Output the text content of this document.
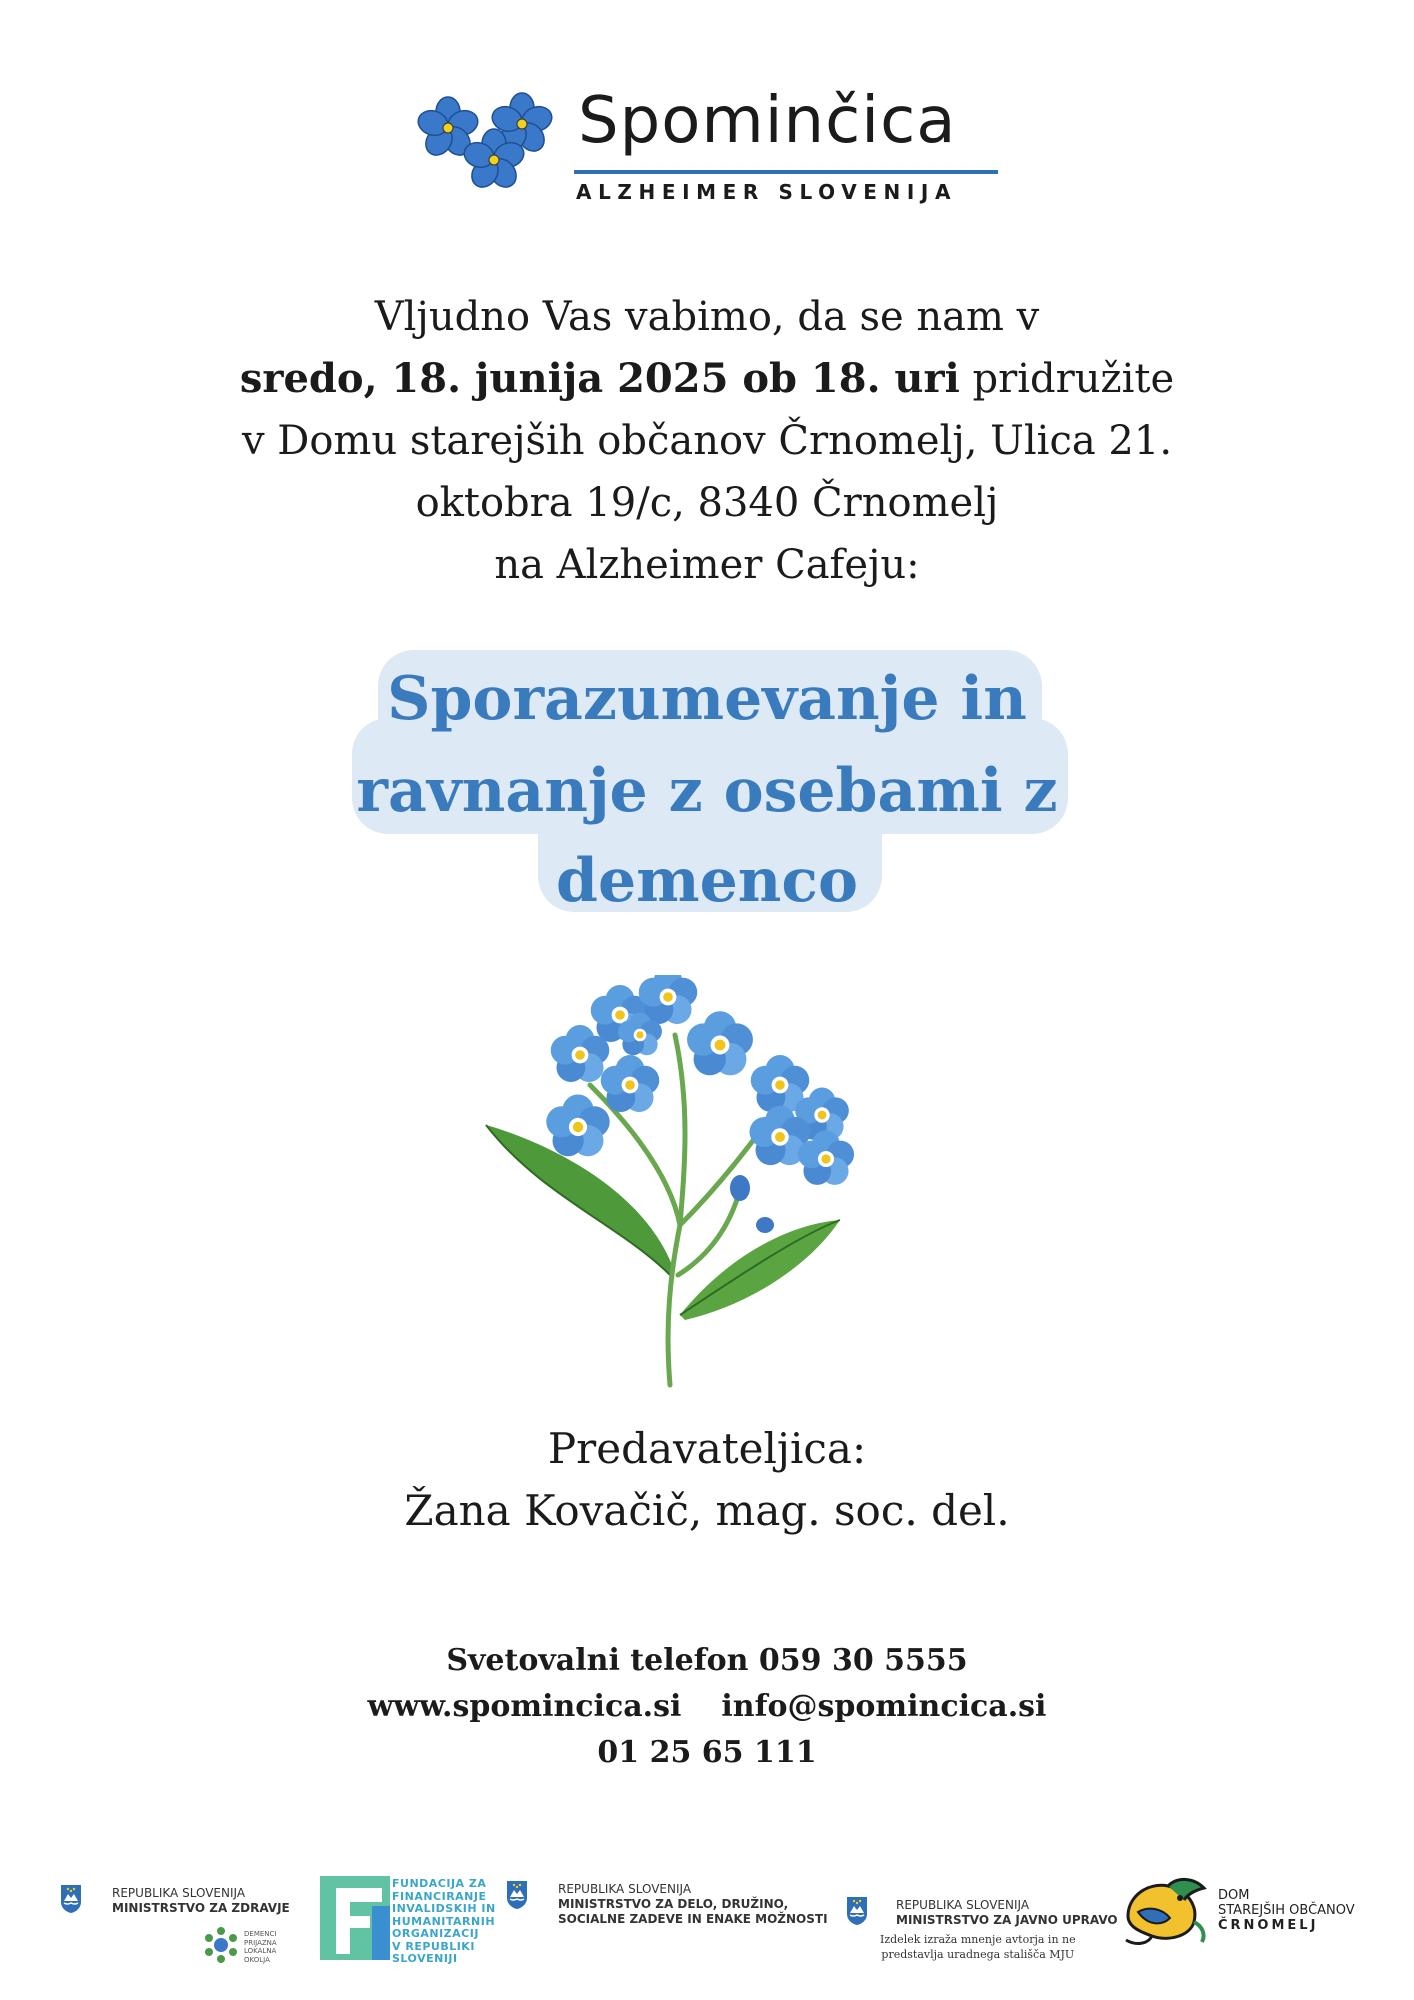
Spominčica
ALZHEIMER SLOVENIJA
Vljudno Vas vabimo, da se nam v
sredo, 18. junija 2025 ob 18. uri pridružite
v Domu starejših občanov Črnomelj, Ulica 21.
oktobra 19/c, 8340 Črnomelj
na Alzheimer Cafeju:
Sporazumevanje in
ravnanje z osebami z
demenco
Predavateljica:
Žana Kovačič, mag. soc. del.
Svetovalni telefon 059 30 5555
www.spomincica.si info@spomincica.si
01 25 65 111
REPUBLIKA SLOVENIJA
MINISTRSTVO ZA ZDRAVJE
DEMENCI
PRIJAZNA
LOKALNA
OKOLJA
FUNDACIJA ZA
FINANCIRANJE
INVALIDSKIH IN
HUMANITARNIH
ORGANIZACIJ
V REPUBLIKI
SLOVENIJI
REPUBLIKA SLOVENIJA
MINISTRSTVO ZA DELO, DRUŽINO,
SOCIALNE ZADEVE IN ENAKE MOŽNOSTI
REPUBLIKA SLOVENIJA
MINISTRSTVO ZA JAVNO UPRAVO
Izdelek izraža mnenje avtorja in ne
predstavlja uradnega stališča MJU
DOM
STAREJŠIH OBČANOV
ČRNOMELJ
